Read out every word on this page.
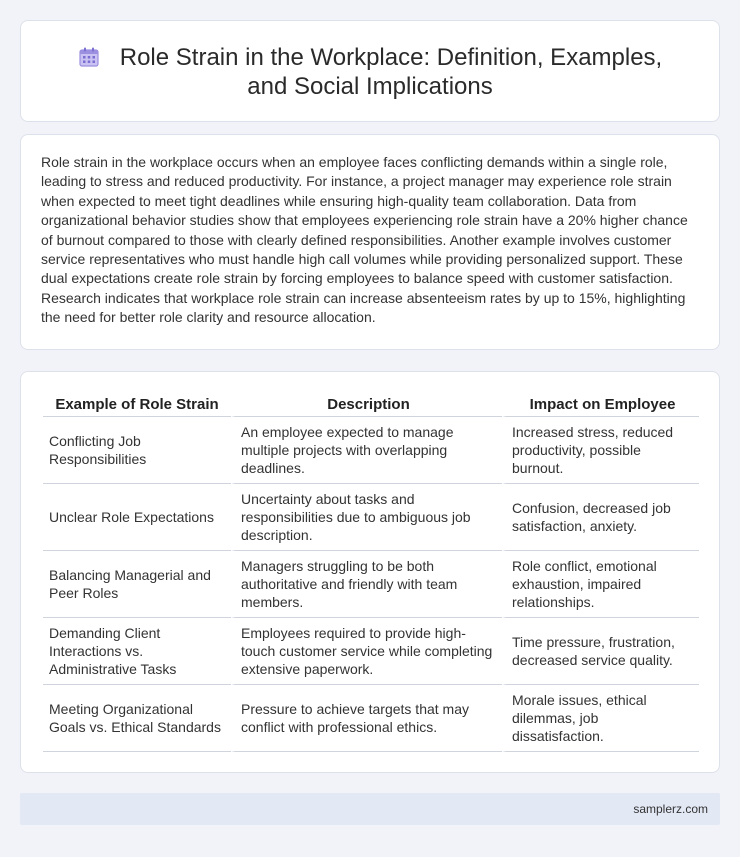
Role Strain in the Workplace: Definition, Examples, and Social Implications

Role strain in the workplace occurs when an employee faces conflicting demands within a single role, leading to stress and reduced productivity. For instance, a project manager may experience role strain when expected to meet tight deadlines while ensuring high-quality team collaboration. Data from organizational behavior studies show that employees experiencing role strain have a 20% higher chance of burnout compared to those with clearly defined responsibilities. Another example involves customer service representatives who must handle high call volumes while providing personalized support. These dual expectations create role strain by forcing employees to balance speed with customer satisfaction. Research indicates that workplace role strain can increase absenteeism rates by up to 15%, highlighting the need for better role clarity and resource allocation.

Example of Role Strain	Description	Impact on Employee
Conflicting Job Responsibilities	An employee expected to manage multiple projects with overlapping deadlines.	Increased stress, reduced productivity, possible burnout.
Unclear Role Expectations	Uncertainty about tasks and responsibilities due to ambiguous job description.	Confusion, decreased job satisfaction, anxiety.
Balancing Managerial and Peer Roles	Managers struggling to be both authoritative and friendly with team members.	Role conflict, emotional exhaustion, impaired relationships.
Demanding Client Interactions vs. Administrative Tasks	Employees required to provide high-touch customer service while completing extensive paperwork.	Time pressure, frustration, decreased service quality.
Meeting Organizational Goals vs. Ethical Standards	Pressure to achieve targets that may conflict with professional ethics.	Morale issues, ethical dilemmas, job dissatisfaction.
samplerz.com
